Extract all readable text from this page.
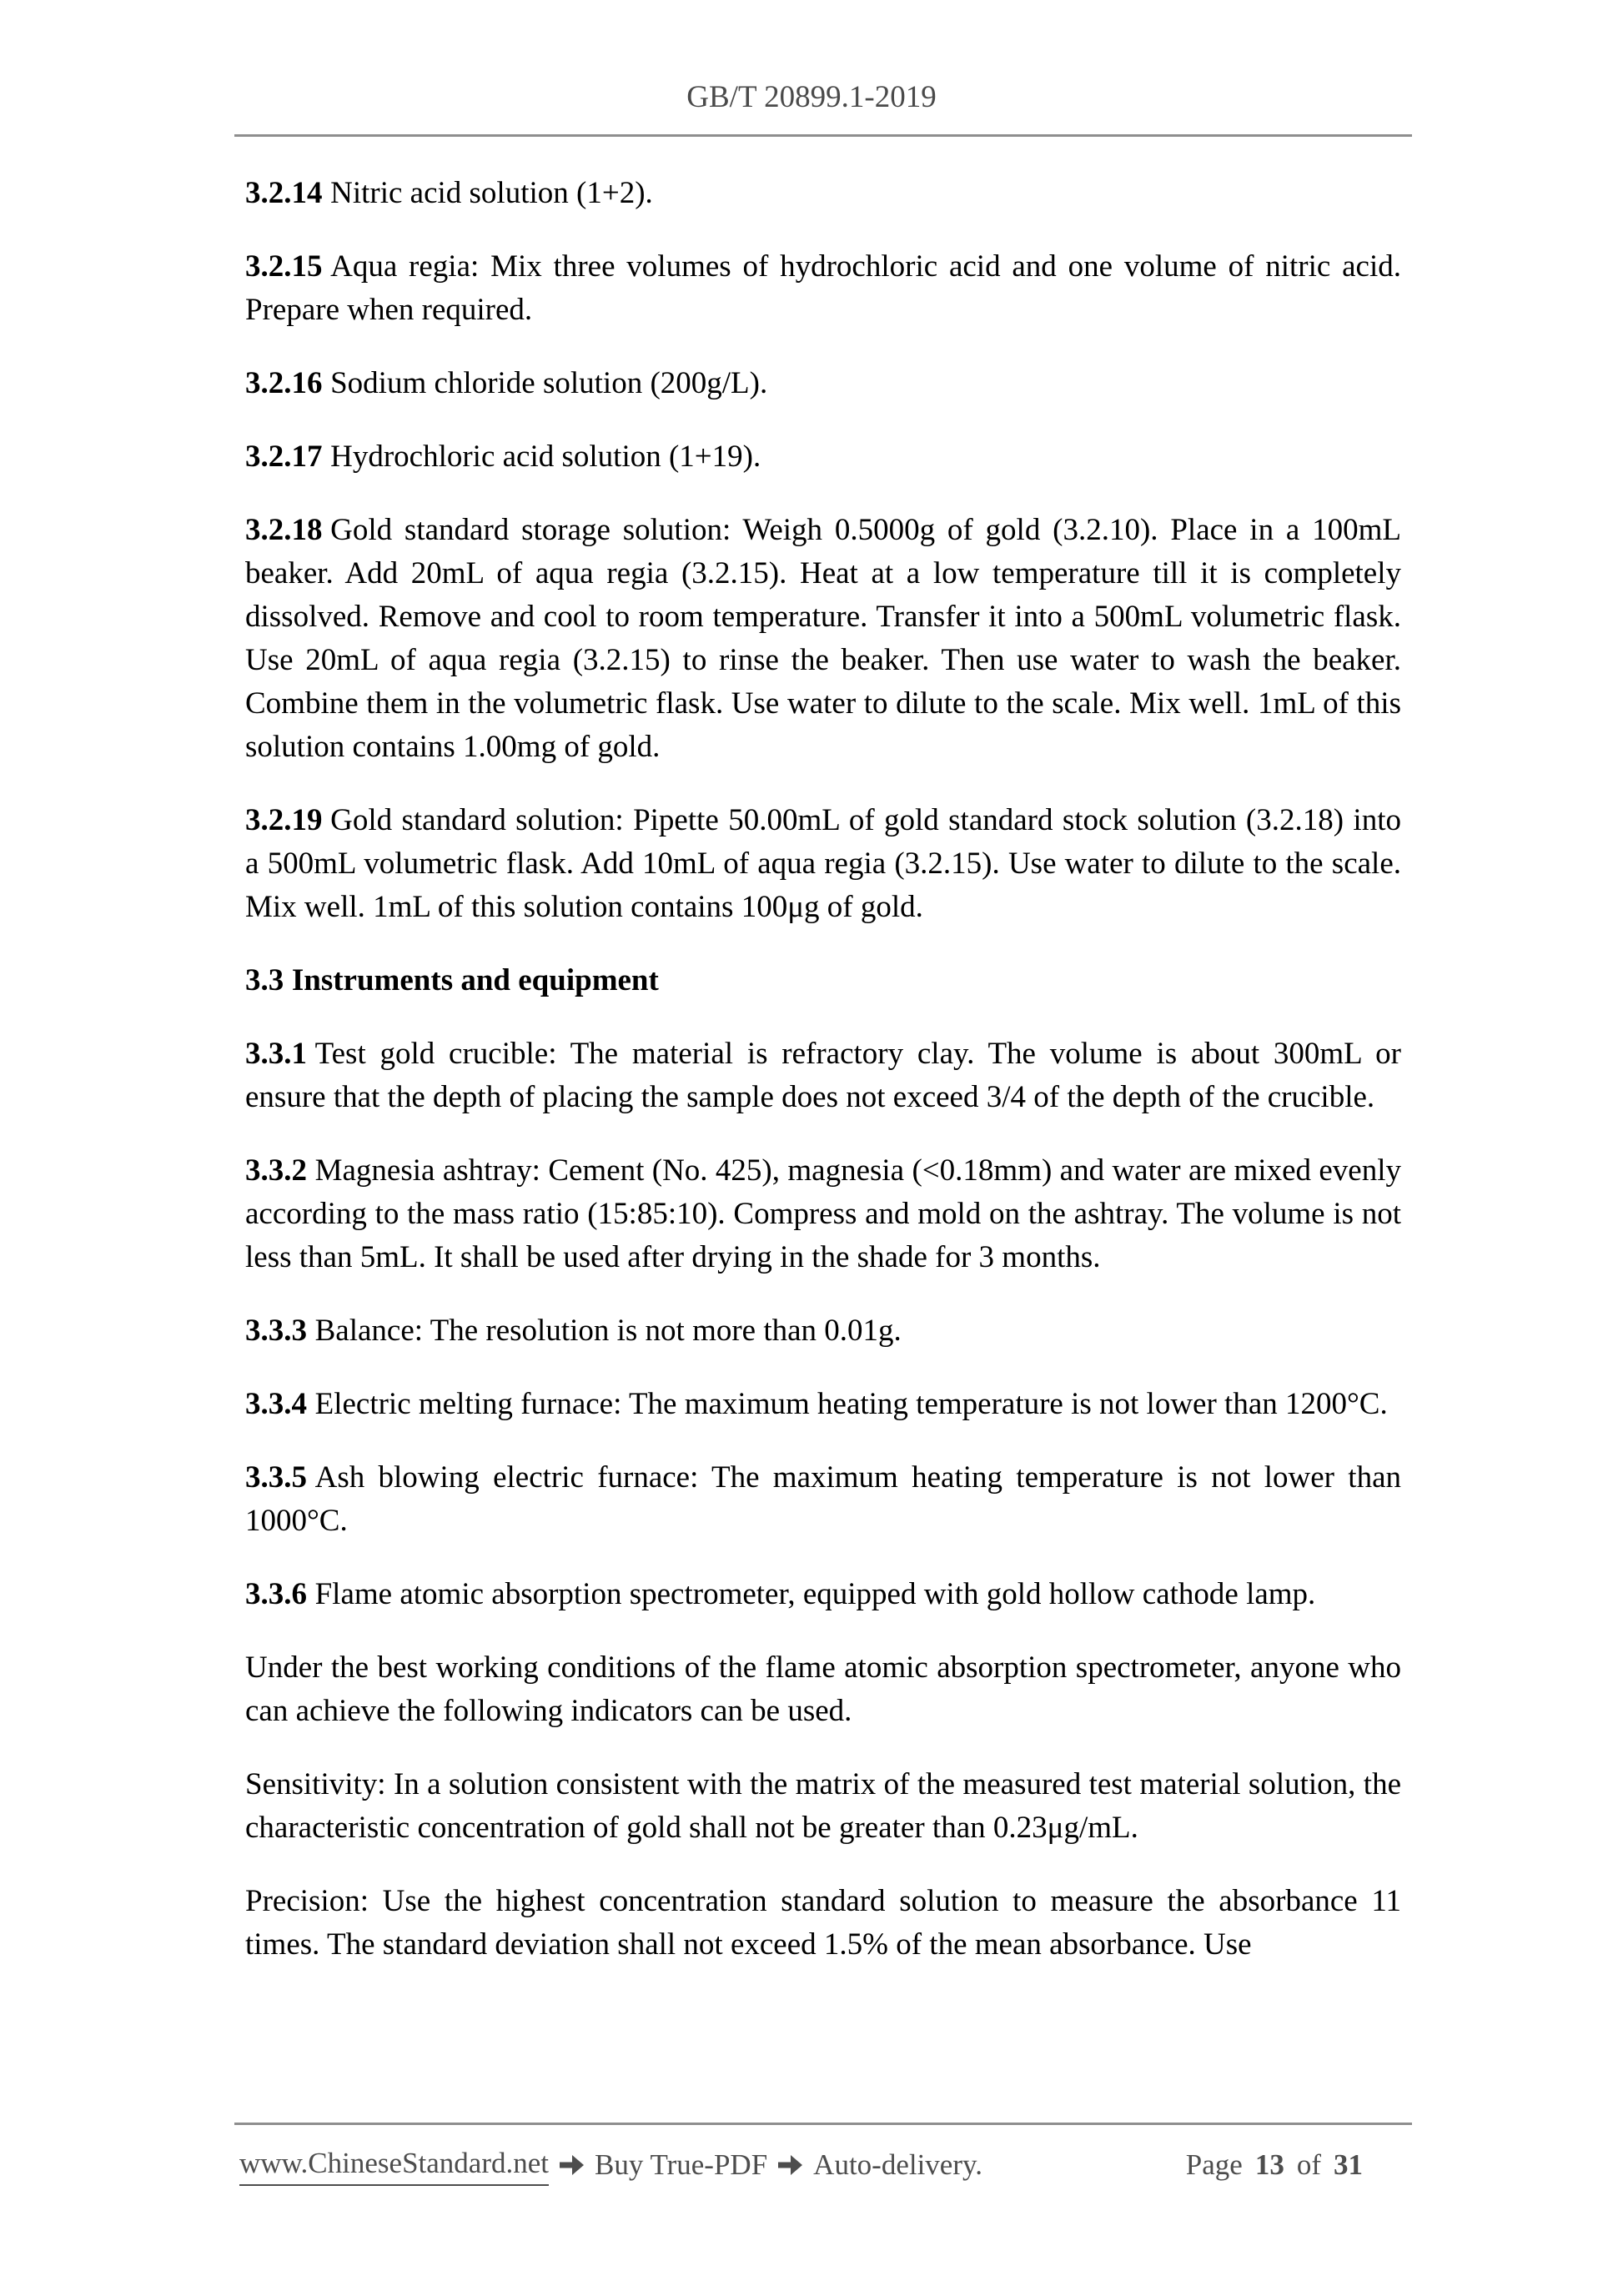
GB/T 20899.1-2019

3.2.14 Nitric acid solution (1+2).

3.2.15 Aqua regia: Mix three volumes of hydrochloric acid and one volume of nitric acid. Prepare when required.

3.2.16 Sodium chloride solution (200g/L).

3.2.17 Hydrochloric acid solution (1+19).

3.2.18 Gold standard storage solution: Weigh 0.5000g of gold (3.2.10). Place in a 100mL beaker. Add 20mL of aqua regia (3.2.15). Heat at a low temperature till it is completely dissolved. Remove and cool to room temperature. Transfer it into a 500mL volumetric flask. Use 20mL of aqua regia (3.2.15) to rinse the beaker. Then use water to wash the beaker. Combine them in the volumetric flask. Use water to dilute to the scale. Mix well. 1mL of this solution contains 1.00mg of gold.

3.2.19 Gold standard solution: Pipette 50.00mL of gold standard stock solution (3.2.18) into a 500mL volumetric flask. Add 10mL of aqua regia (3.2.15). Use water to dilute to the scale. Mix well. 1mL of this solution contains 100μg of gold.

3.3 Instruments and equipment

3.3.1 Test gold crucible: The material is refractory clay. The volume is about 300mL or ensure that the depth of placing the sample does not exceed 3/4 of the depth of the crucible.

3.3.2 Magnesia ashtray: Cement (No. 425), magnesia (<0.18mm) and water are mixed evenly according to the mass ratio (15:85:10). Compress and mold on the ashtray. The volume is not less than 5mL. It shall be used after drying in the shade for 3 months.

3.3.3 Balance: The resolution is not more than 0.01g.

3.3.4 Electric melting furnace: The maximum heating temperature is not lower than 1200°C.

3.3.5 Ash blowing electric furnace: The maximum heating temperature is not lower than 1000°C.

3.3.6 Flame atomic absorption spectrometer, equipped with gold hollow cathode lamp.

Under the best working conditions of the flame atomic absorption spectrometer, anyone who can achieve the following indicators can be used.

Sensitivity: In a solution consistent with the matrix of the measured test material solution, the characteristic concentration of gold shall not be greater than 0.23μg/mL.

Precision: Use the highest concentration standard solution to measure the absorbance 11 times. The standard deviation shall not exceed 1.5% of the mean absorbance. Use

www.ChineseStandard.net Buy True-PDF Auto-delivery.	Page 13 of 31
